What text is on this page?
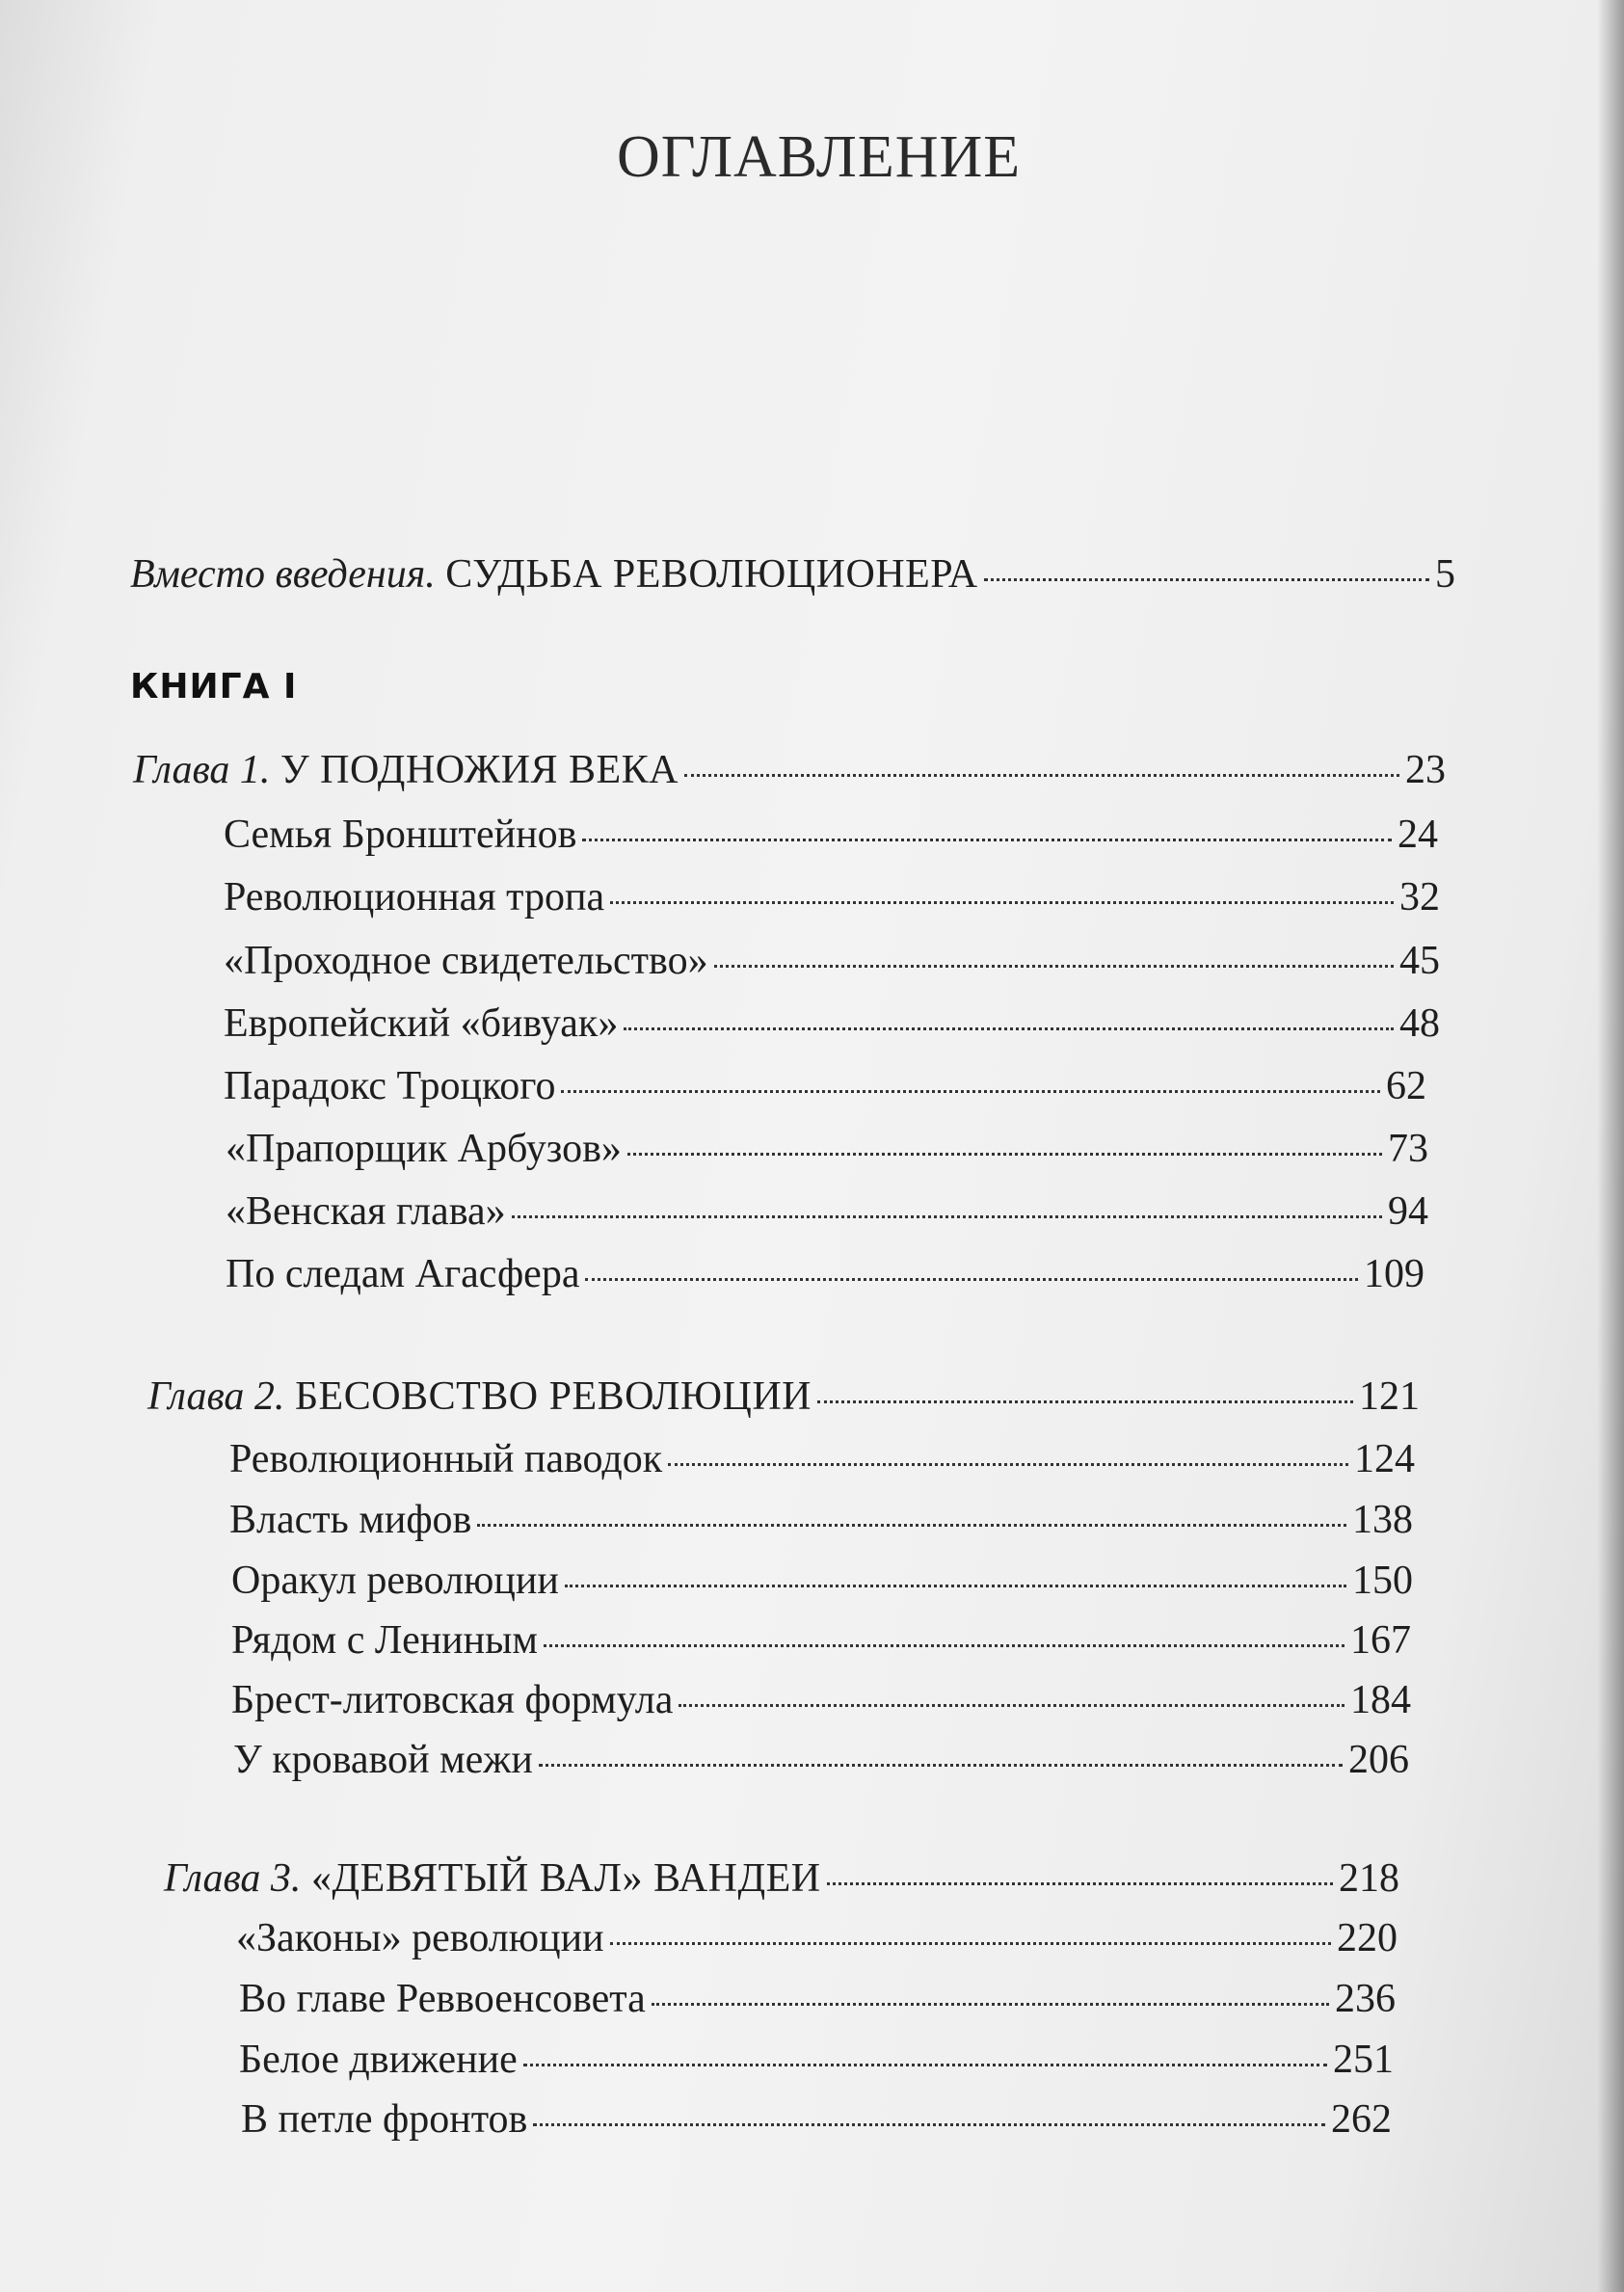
ОГЛАВЛЕНИЕ
Вместо введения. СУДЬБА РЕВОЛЮЦИОНЕРА	5
КНИГА I
Глава 1. У ПОДНОЖИЯ ВЕКА	23
Семья Бронштейнов	24
Революционная тропа	32
«Проходное свидетельство»	45
Европейский «бивуак»	48
Парадокс Троцкого	62
«Прапорщик Арбузов»	73
«Венская глава»	94
По следам Агасфера	109
Глава 2. БЕСОВСТВО РЕВОЛЮЦИИ	121
Революционный паводок	124
Власть мифов	138
Оракул революции	150
Рядом с Лениным	167
Брест-литовская формула	184
У кровавой межи	206
Глава 3. «ДЕВЯТЫЙ ВАЛ» ВАНДЕИ	218
«Законы» революции	220
Во главе Реввоенсовета	236
Белое движение	251
В петле фронтов	262
